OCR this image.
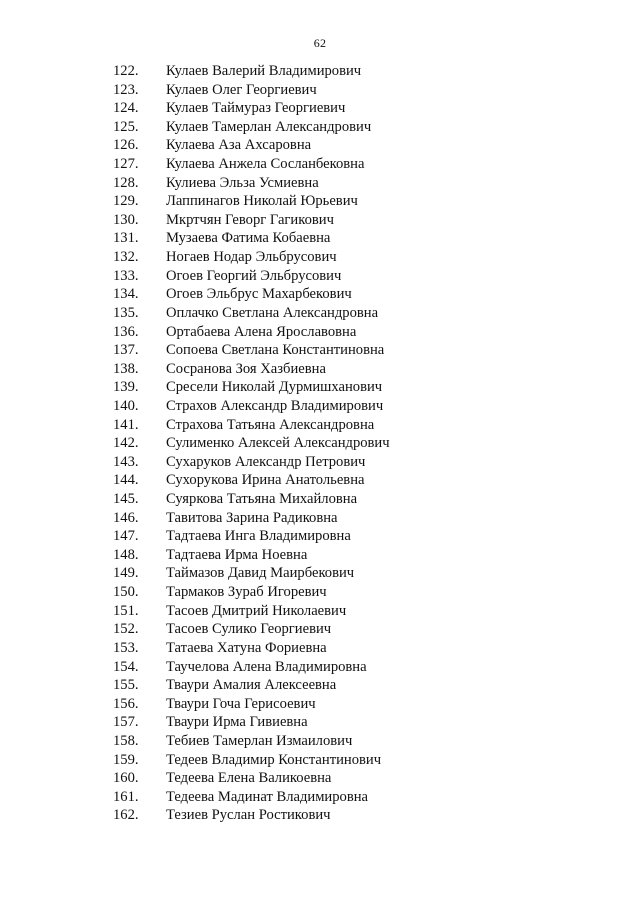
62
122.	Кулаев Валерий Владимирович
123.	Кулаев Олег Георгиевич
124.	Кулаев Таймураз Георгиевич
125.	Кулаев Тамерлан Александрович
126.	Кулаева Аза Ахсаровна
127.	Кулаева Анжела Сосланбековна
128.	Кулиева Эльза Усмиевна
129.	Лаппинагов Николай Юрьевич
130.	Мкртчян Геворг Гагикович
131.	Музаева Фатима Кобаевна
132.	Ногаев Нодар Эльбрусович
133.	Огоев Георгий Эльбрусович
134.	Огоев Эльбрус Махарбекович
135.	Оплачко Светлана Александровна
136.	Ортабаева Алена Ярославовна
137.	Сопоева Светлана Константиновна
138.	Сосранова Зоя Хазбиевна
139.	Сресели Николай Дурмишханович
140.	Страхов Александр Владимирович
141.	Страхова Татьяна Александровна
142.	Сулименко Алексей Александрович
143.	Сухаруков Александр Петрович
144.	Сухорукова Ирина Анатольевна
145.	Суяркова Татьяна Михайловна
146.	Тавитова Зарина Радиковна
147.	Тадтаева Инга Владимировна
148.	Тадтаева Ирма Ноевна
149.	Таймазов Давид Маирбекович
150.	Тармаков Зураб Игоревич
151.	Тасоев Дмитрий Николаевич
152.	Тасоев Сулико Георгиевич
153.	Татаева Хатуна Фориевна
154.	Таучелова Алена Владимировна
155.	Тваури Амалия Алексеевна
156.	Тваури Гоча Герисоевич
157.	Тваури Ирма Гивиевна
158.	Тебиев Тамерлан Измаилович
159.	Тедеев Владимир Константинович
160.	Тедеева Елена Валикоевна
161.	Тедеева Мадинат Владимировна
162.	Тезиев Руслан Ростикович
